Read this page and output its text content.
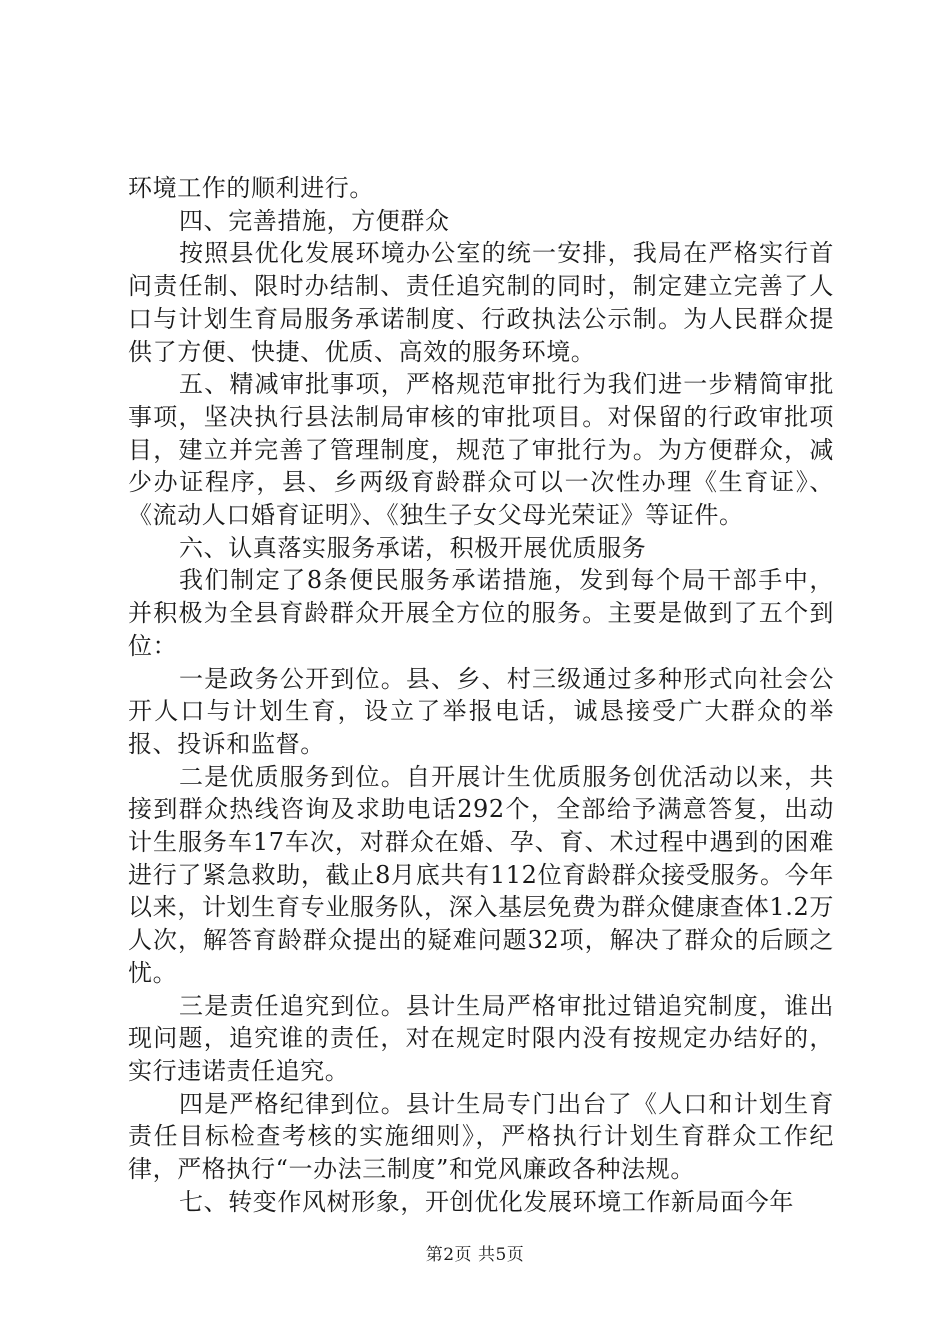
环境工作的顺利进行。

四、完善措施，方便群众

按照县优化发展环境办公室的统一安排，我局在严格实行首问责任制、限时办结制、责任追究制的同时，制定建立完善了人口与计划生育局服务承诺制度、行政执法公示制。为人民群众提供了方便、快捷、优质、高效的服务环境。

五、精减审批事项，严格规范审批行为我们进一步精简审批事项，坚决执行县法制局审核的审批项目。对保留的行政审批项目，建立并完善了管理制度，规范了审批行为。为方便群众，减少办证程序，县、乡两级育龄群众可以一次性办理《生育证》、《流动人口婚育证明》、《独生子女父母光荣证》等证件。

六、认真落实服务承诺，积极开展优质服务

我们制定了8条便民服务承诺措施，发到每个局干部手中，并积极为全县育龄群众开展全方位的服务。主要是做到了五个到位：

一是政务公开到位。县、乡、村三级通过多种形式向社会公开人口与计划生育，设立了举报电话，诚恳接受广大群众的举报、投诉和监督。

二是优质服务到位。自开展计生优质服务创优活动以来，共接到群众热线咨询及求助电话292个，全部给予满意答复，出动计生服务车17车次，对群众在婚、孕、育、术过程中遇到的困难进行了紧急救助，截止8月底共有112位育龄群众接受服务。今年以来，计划生育专业服务队，深入基层免费为群众健康查体1.2万人次，解答育龄群众提出的疑难问题32项，解决了群众的后顾之忧。

三是责任追究到位。县计生局严格审批过错追究制度，谁出现问题，追究谁的责任，对在规定时限内没有按规定办结好的，实行违诺责任追究。

四是严格纪律到位。县计生局专门出台了《人口和计划生育责任目标检查考核的实施细则》，严格执行计划生育群众工作纪律，严格执行“一办法三制度”和党风廉政各种法规。

七、转变作风树形象，开创优化发展环境工作新局面今年

第2页 共5页
